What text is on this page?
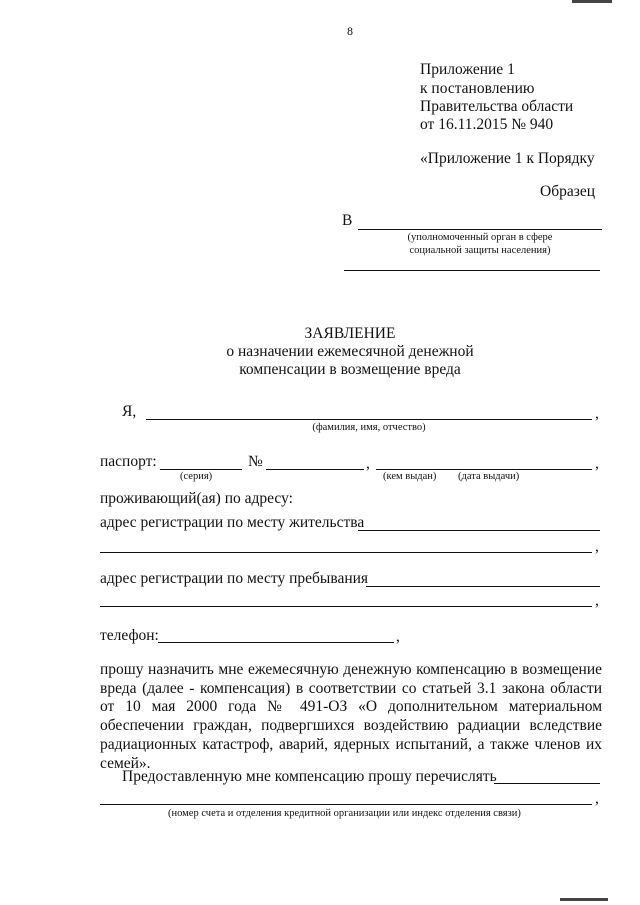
8
Приложение 1
к постановлению
Правительства области
от 16.11.2015 № 940
«Приложение 1 к Порядку
Образец
В
(уполномоченный орган в сфере
социальной защиты населения)
ЗАЯВЛЕНИЕ
о назначении ежемесячной денежной
компенсации в возмещение вреда
Я,	,
(фамилия, имя, отчество)
паспорт:	№	,	,
(серия)	(кем выдан) (дата выдачи)
проживающий(ая) по адресу:
адрес регистрации по месту жительства
,
адрес регистрации по месту пребывания
,
телефон:	,
прошу назначить мне ежемесячную денежную компенсацию в возмещение вреда (далее - компенсация) в соответствии со статьей 3.1 закона области от 10 мая 2000 года № 491-ОЗ «О дополнительном материальном обеспечении граждан, подвергшихся воздействию радиации вследствие радиационных катастроф, аварий, ядерных испытаний, а также членов их семей».
Предоставленную мне компенсацию прошу перечислять
,
(номер счета и отделения кредитной организации или индекс отделения связи)
